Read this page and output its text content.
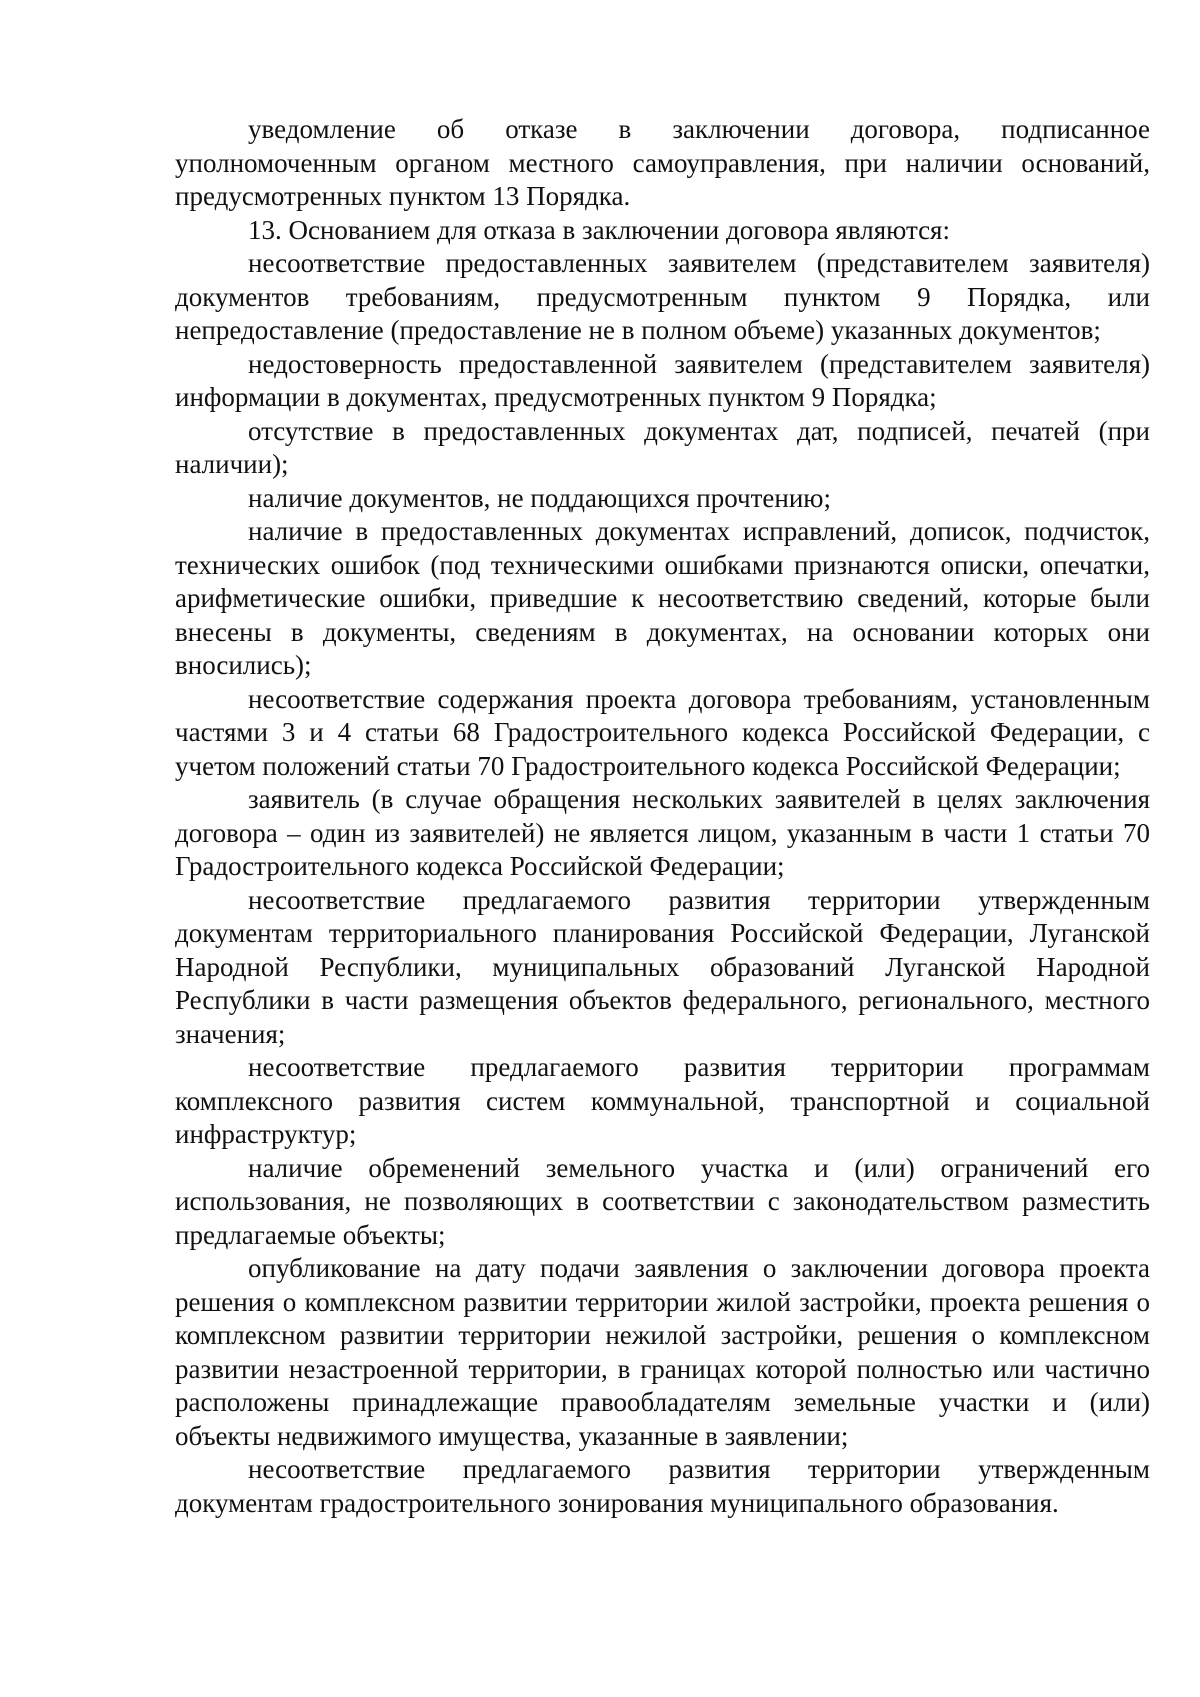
уведомление об отказе в заключении договора, подписанное уполномоченным органом местного самоуправления, при наличии оснований, предусмотренных пунктом 13 Порядка.

13. Основанием для отказа в заключении договора являются:

несоответствие предоставленных заявителем (представителем заявителя) документов требованиям, предусмотренным пунктом 9 Порядка, или непредоставление (предоставление не в полном объеме) указанных документов;

недостоверность предоставленной заявителем (представителем заявителя) информации в документах, предусмотренных пунктом 9 Порядка;

отсутствие в предоставленных документах дат, подписей, печатей (при наличии);

наличие документов, не поддающихся прочтению;

наличие в предоставленных документах исправлений, дописок, подчисток, технических ошибок (под техническими ошибками признаются описки, опечатки, арифметические ошибки, приведшие к несоответствию сведений, которые были внесены в документы, сведениям в документах, на основании которых они вносились);

несоответствие содержания проекта договора требованиям, установленным частями 3 и 4 статьи 68 Градостроительного кодекса Российской Федерации, с учетом положений статьи 70 Градостроительного кодекса Российской Федерации;

заявитель (в случае обращения нескольких заявителей в целях заключения договора – один из заявителей) не является лицом, указанным в части 1 статьи 70 Градостроительного кодекса Российской Федерации;

несоответствие предлагаемого развития территории утвержденным документам территориального планирования Российской Федерации, Луганской Народной Республики, муниципальных образований Луганской Народной Республики в части размещения объектов федерального, регионального, местного значения;

несоответствие предлагаемого развития территории программам комплексного развития систем коммунальной, транспортной и социальной инфраструктур;

наличие обременений земельного участка и (или) ограничений его использования, не позволяющих в соответствии с законодательством разместить предлагаемые объекты;

опубликование на дату подачи заявления о заключении договора проекта решения о комплексном развитии территории жилой застройки, проекта решения о комплексном развитии территории нежилой застройки, решения о комплексном развитии незастроенной территории, в границах которой полностью или частично расположены принадлежащие правообладателям земельные участки и (или) объекты недвижимого имущества, указанные в заявлении;

несоответствие предлагаемого развития территории утвержденным документам градостроительного зонирования муниципального образования.
